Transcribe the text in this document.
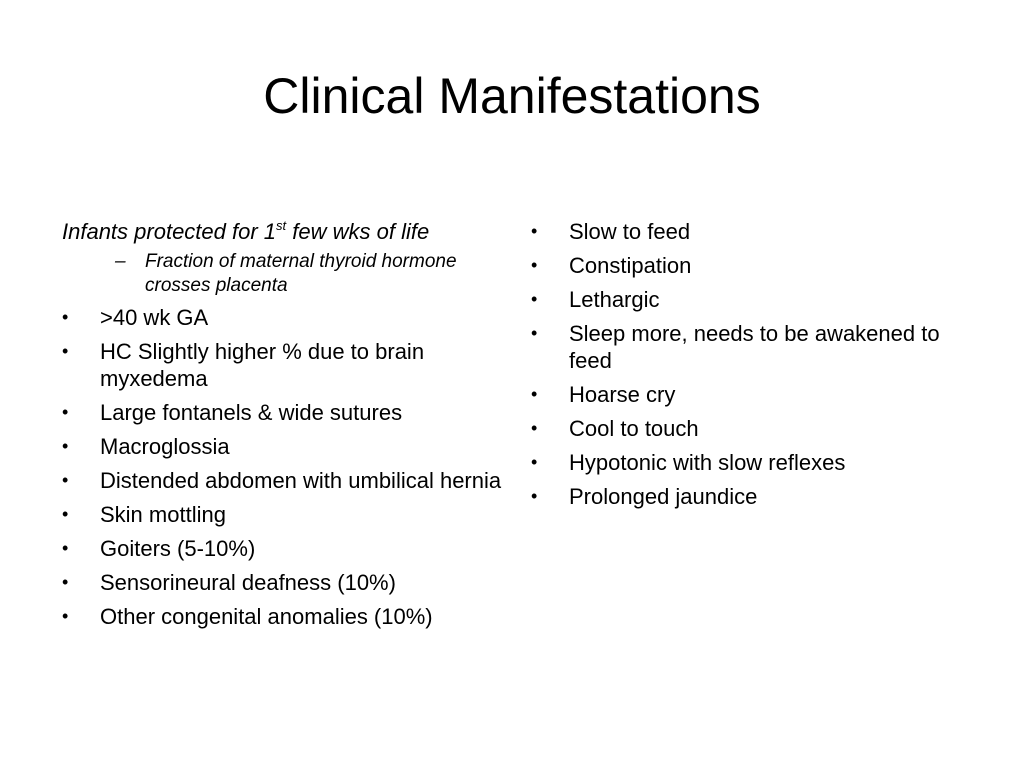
Clinical Manifestations

Infants protected for 1st few wks of life

–	Fraction of maternal thyroid hormone crosses placenta
•	>40 wk GA
•	HC Slightly higher % due to brain myxedema
•	Large fontanels & wide sutures
•	Macroglossia
•	Distended abdomen with umbilical hernia
•	Skin mottling
•	Goiters (5-10%)
•	Sensorineural deafness (10%)
•	Other congenital anomalies (10%)
•	Slow to feed
•	Constipation
•	Lethargic
•	Sleep more, needs to be awakened to feed
•	Hoarse cry
•	Cool to touch
•	Hypotonic with slow reflexes
•	Prolonged jaundice
